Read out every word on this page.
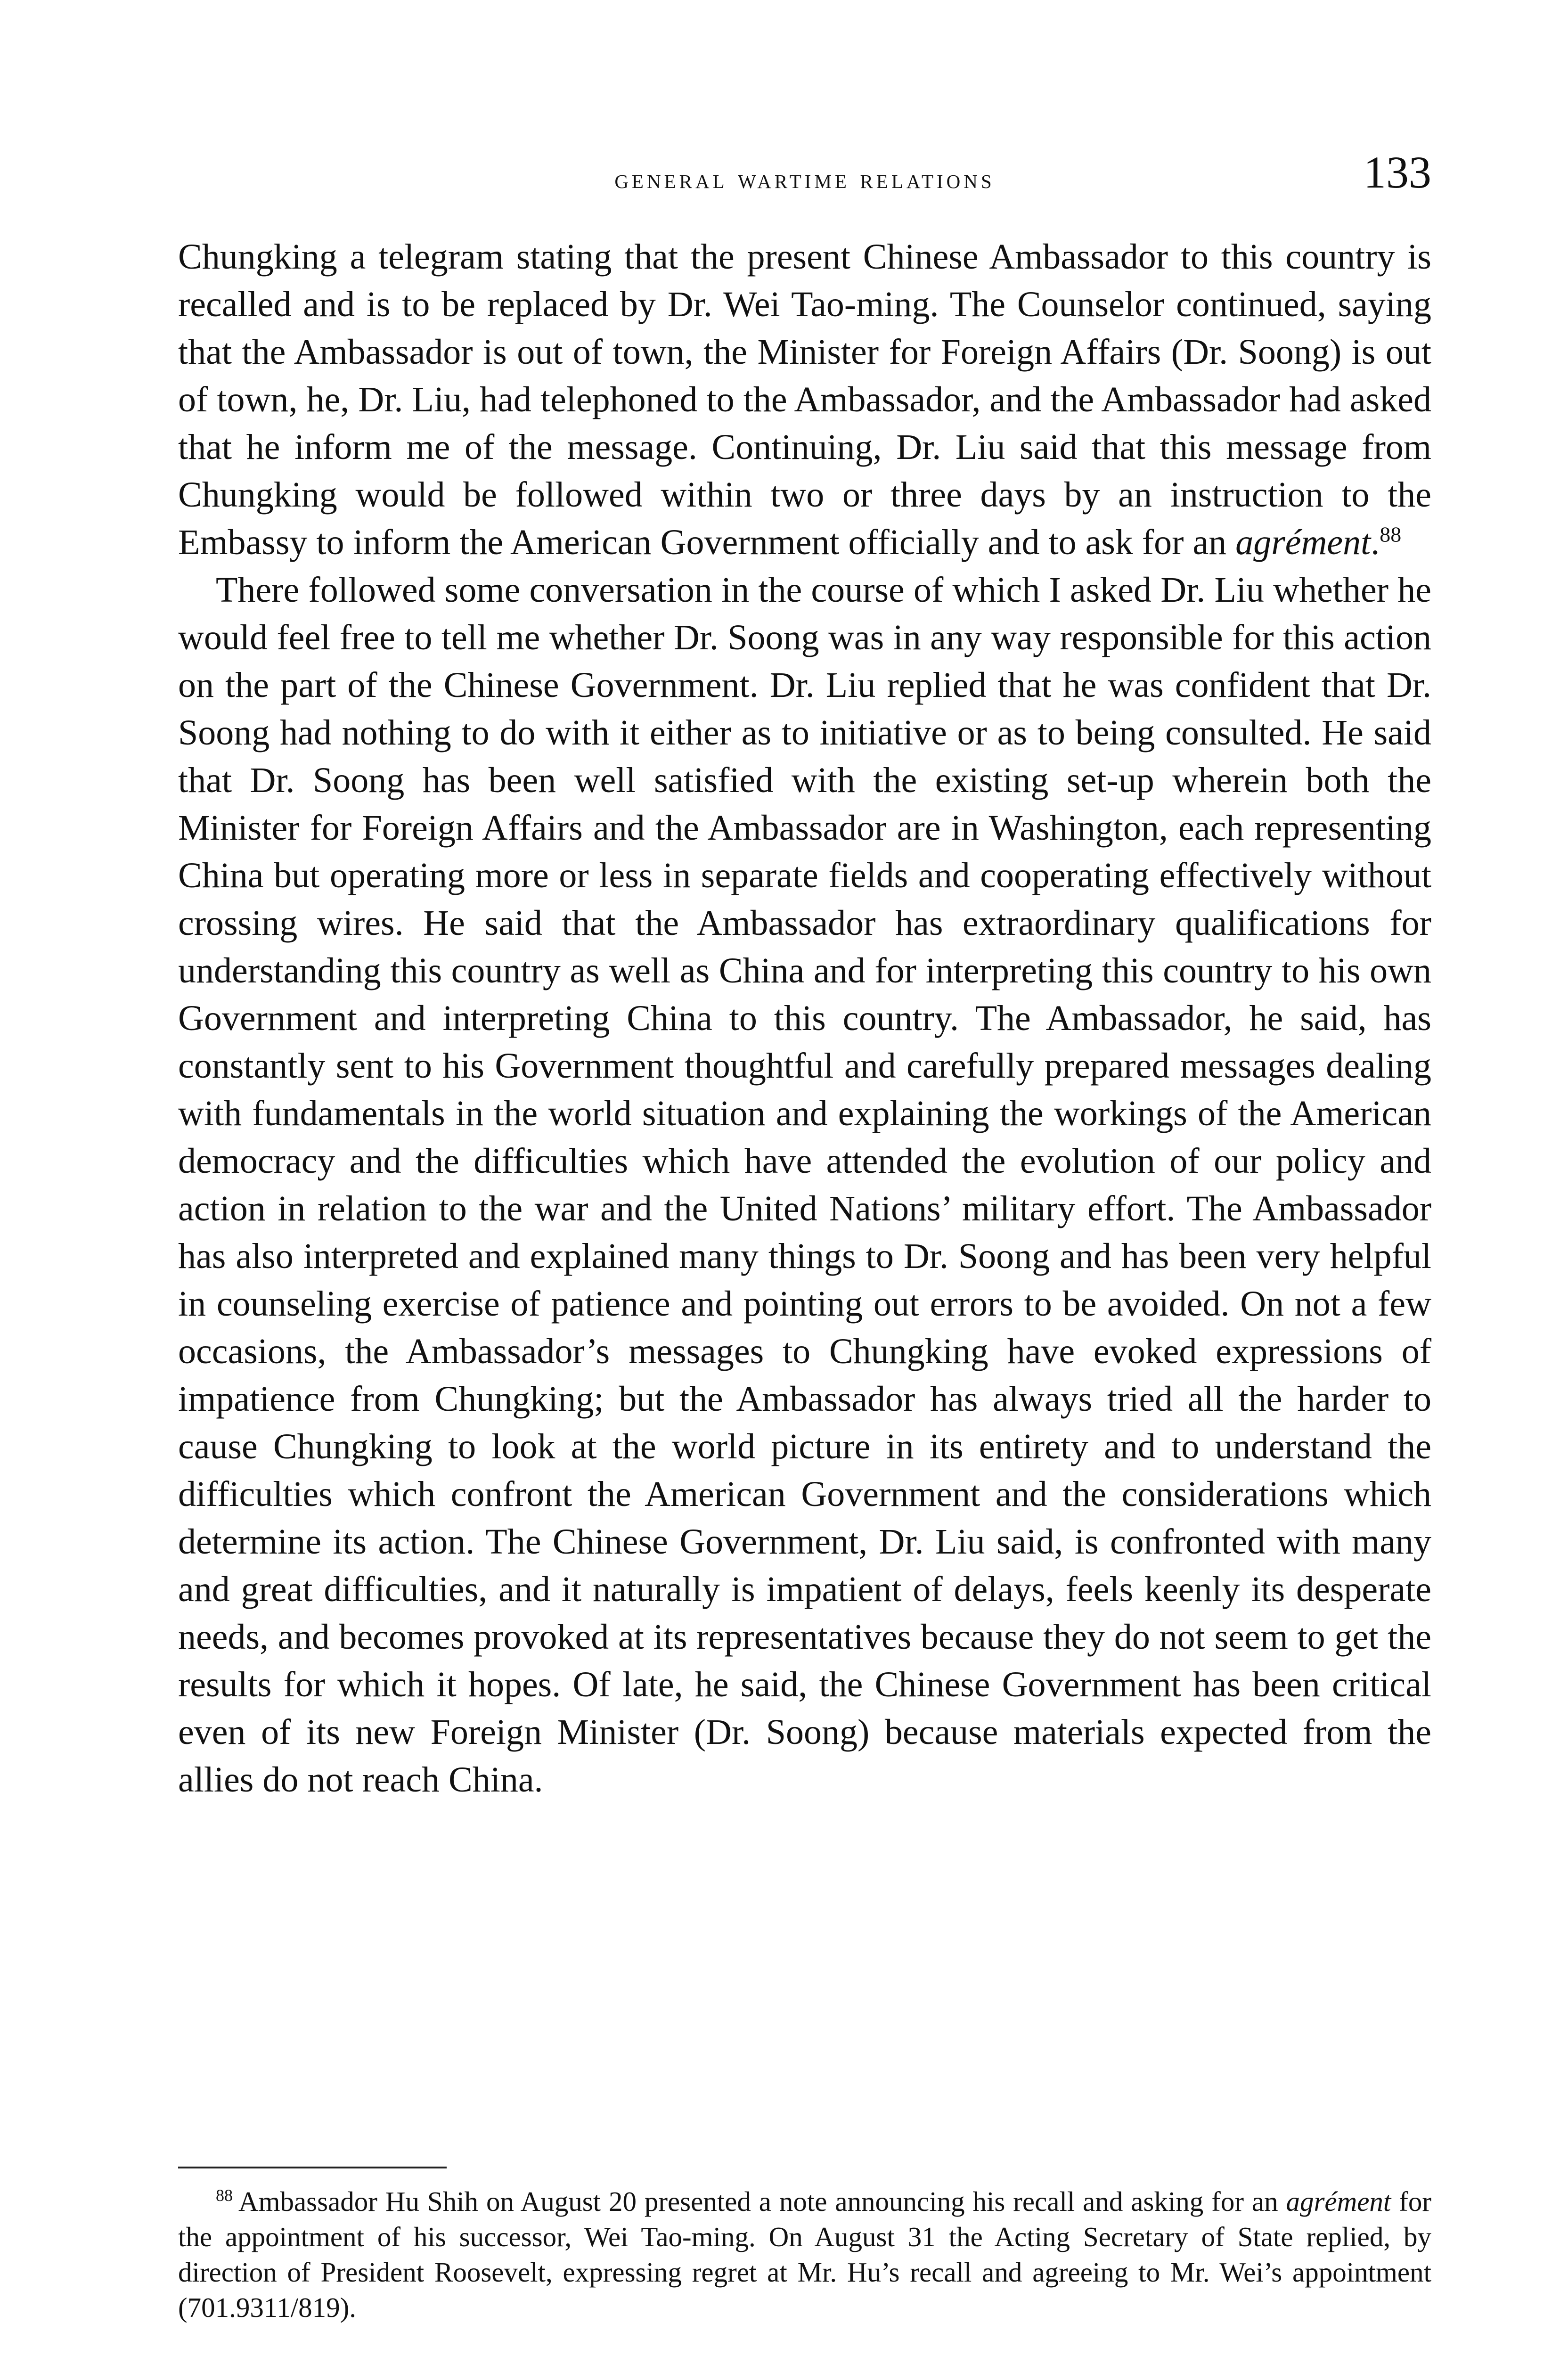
general wartime relations	133

Chungking a telegram stating that the present Chinese Ambassador to this country is recalled and is to be replaced by Dr. Wei Tao-ming. The Counselor continued, saying that the Ambassador is out of town, the Minister for Foreign Affairs (Dr. Soong) is out of town, he, Dr. Liu, had telephoned to the Ambassador, and the Ambassador had asked that he inform me of the message. Continuing, Dr. Liu said that this message from Chungking would be followed within two or three days by an instruction to the Embassy to inform the American Government officially and to ask for an agrément.$^{88}$

There followed some conversation in the course of which I asked Dr. Liu whether he would feel free to tell me whether Dr. Soong was in any way responsible for this action on the part of the Chinese Government. Dr. Liu replied that he was confident that Dr. Soong had nothing to do with it either as to initiative or as to being consulted. He said that Dr. Soong has been well satisfied with the existing set-up wherein both the Minister for Foreign Affairs and the Ambassador are in Washington, each representing China but operating more or less in separate fields and cooperating effectively without crossing wires. He said that the Ambassador has extraordinary qualifications for understanding this country as well as China and for interpreting this country to his own Government and interpreting China to this country. The Ambassador, he said, has constantly sent to his Government thoughtful and carefully prepared messages dealing with fundamentals in the world situation and explaining the workings of the American democracy and the difficulties which have attended the evolution of our policy and action in relation to the war and the United Nations’ military effort. The Ambassador has also interpreted and explained many things to Dr. Soong and has been very helpful in counseling exercise of patience and pointing out errors to be avoided. On not a few occasions, the Ambassador’s messages to Chungking have evoked expressions of impatience from Chungking; but the Ambassador has always tried all the harder to cause Chungking to look at the world picture in its entirety and to understand the difficulties which confront the American Government and the considerations which determine its action. The Chinese Government, Dr. Liu said, is confronted with many and great difficulties, and it naturally is impatient of delays, feels keenly its desperate needs, and becomes provoked at its representatives because they do not seem to get the results for which it hopes. Of late, he said, the Chinese Government has been critical even of its new Foreign Minister (Dr. Soong) because materials expected from the allies do not reach China.

$^{88}$ Ambassador Hu Shih on August 20 presented a note announcing his recall and asking for an agrément for the appointment of his successor, Wei Tao-ming. On August 31 the Acting Secretary of State replied, by direction of President Roosevelt, expressing regret at Mr. Hu’s recall and agreeing to Mr. Wei’s appointment (701.9311/819).
